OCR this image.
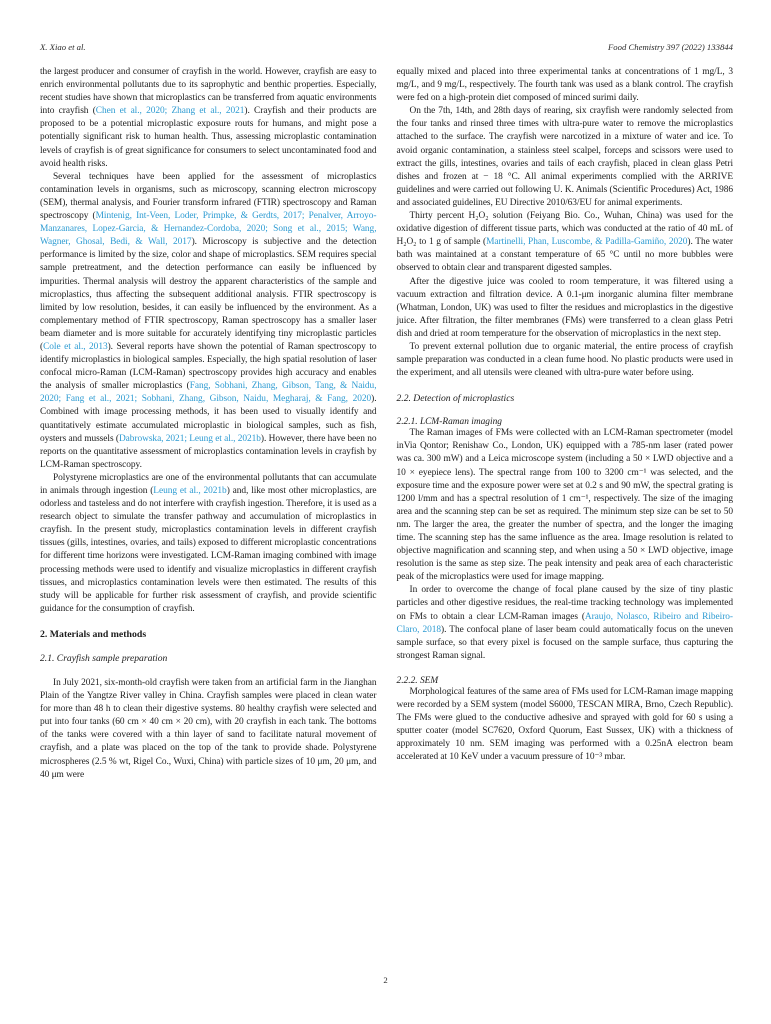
X. Xiao et al.	Food Chemistry 397 (2022) 133844

the largest producer and consumer of crayfish in the world. However, crayfish are easy to enrich environmental pollutants due to its saprophytic and benthic properties. Especially, recent studies have shown that microplastics can be transferred from aquatic environments into crayfish (Chen et al., 2020; Zhang et al., 2021). Crayfish and their products are proposed to be a potential microplastic exposure routs for humans, and might pose a potentially significant risk to human health. Thus, assessing microplastic contamination levels of crayfish is of great significance for consumers to select uncontaminated food and avoid health risks.

Several techniques have been applied for the assessment of microplastics contamination levels in organisms, such as microscopy, scanning electron microscopy (SEM), thermal analysis, and Fourier transform infrared (FTIR) spectroscopy and Raman spectroscopy (Mintenig, Int-Veen, Loder, Primpke, & Gerdts, 2017; Penalver, Arroyo-Manzanares, Lopez-Garcia, & Hernandez-Cordoba, 2020; Song et al., 2015; Wang, Wagner, Ghosal, Bedi, & Wall, 2017). Microscopy is subjective and the detection performance is limited by the size, color and shape of microplastics. SEM requires special sample pretreatment, and the detection performance can easily be influenced by impurities. Thermal analysis will destroy the apparent characteristics of the sample and microplastics, thus affecting the subsequent additional analysis. FTIR spectroscopy is limited by low resolution, besides, it can easily be influenced by the environment. As a complementary method of FTIR spectroscopy, Raman spectroscopy has a smaller laser beam diameter and is more suitable for accurately identifying tiny microplastic particles (Cole et al., 2013). Several reports have shown the potential of Raman spectroscopy to identify microplastics in biological samples. Especially, the high spatial resolution of laser confocal micro-Raman (LCM-Raman) spectroscopy provides high accuracy and enables the analysis of smaller microplastics (Fang, Sobhani, Zhang, Gibson, Tang, & Naidu, 2020; Fang et al., 2021; Sobhani, Zhang, Gibson, Naidu, Megharaj, & Fang, 2020). Combined with image processing methods, it has been used to visually identify and quantitatively estimate accumulated microplastic in biological samples, such as fish, oysters and mussels (Dabrowska, 2021; Leung et al., 2021b). However, there have been no reports on the quantitative assessment of microplastics contamination levels in crayfish by LCM-Raman spectroscopy.

Polystyrene microplastics are one of the environmental pollutants that can accumulate in animals through ingestion (Leung et al., 2021b) and, like most other microplastics, are odorless and tasteless and do not interfere with crayfish ingestion. Therefore, it is used as a research object to simulate the transfer pathway and accumulation of microplastics in crayfish. In the present study, microplastics contamination levels in different crayfish tissues (gills, intestines, ovaries, and tails) exposed to different microplastic concentrations for different time horizons were investigated. LCM-Raman imaging combined with image processing methods were used to identify and visualize microplastics in different crayfish tissues, and microplastics contamination levels were then estimated. The results of this study will be applicable for further risk assessment of crayfish, and provide scientific guidance for the consumption of crayfish.

2. Materials and methods
2.1. Crayfish sample preparation

In July 2021, six-month-old crayfish were taken from an artificial farm in the Jianghan Plain of the Yangtze River valley in China. Crayfish samples were placed in clean water for more than 48 h to clean their digestive systems. 80 healthy crayfish were selected and put into four tanks (60 cm × 40 cm × 20 cm), with 20 crayfish in each tank. The bottoms of the tanks were covered with a thin layer of sand to facilitate natural movement of crayfish, and a plate was placed on the top of the tank to provide shade. Polystyrene microspheres (2.5 % wt, Rigel Co., Wuxi, China) with particle sizes of 10 μm, 20 μm, and 40 μm were

equally mixed and placed into three experimental tanks at concentrations of 1 mg/L, 3 mg/L, and 9 mg/L, respectively. The fourth tank was used as a blank control. The crayfish were fed on a high-protein diet composed of minced surimi daily.

On the 7th, 14th, and 28th days of rearing, six crayfish were randomly selected from the four tanks and rinsed three times with ultra-pure water to remove the microplastics attached to the surface. The crayfish were narcotized in a mixture of water and ice. To avoid organic contamination, a stainless steel scalpel, forceps and scissors were used to extract the gills, intestines, ovaries and tails of each crayfish, placed in clean glass Petri dishes and frozen at − 18 °C. All animal experiments complied with the ARRIVE guidelines and were carried out following U. K. Animals (Scientific Procedures) Act, 1986 and associated guidelines, EU Directive 2010/63/EU for animal experiments.

Thirty percent H₂O₂ solution (Feiyang Bio. Co., Wuhan, China) was used for the oxidative digestion of different tissue parts, which was conducted at the ratio of 40 mL of H₂O₂ to 1 g of sample (Martinelli, Phan, Luscombe, & Padilla-Gamiño, 2020). The water bath was maintained at a constant temperature of 65 °C until no more bubbles were observed to obtain clear and transparent digested samples.

After the digestive juice was cooled to room temperature, it was filtered using a vacuum extraction and filtration device. A 0.1-μm inorganic alumina filter membrane (Whatman, London, UK) was used to filter the residues and microplastics in the digestive juice. After filtration, the filter membranes (FMs) were transferred to a clean glass Petri dish and dried at room temperature for the observation of microplastics in the next step.

To prevent external pollution due to organic material, the entire process of crayfish sample preparation was conducted in a clean fume hood. No plastic products were used in the experiment, and all utensils were cleaned with ultra-pure water before using.

2.2. Detection of microplastics
2.2.1. LCM-Raman imaging

The Raman images of FMs were collected with an LCM-Raman spectrometer (model inVia Qontor; Renishaw Co., London, UK) equipped with a 785-nm laser (rated power was ca. 300 mW) and a Leica microscope system (including a 50 × LWD objective and a 10 × eyepiece lens). The spectral range from 100 to 3200 cm⁻¹ was selected, and the exposure time and the exposure power were set at 0.2 s and 90 mW, the spectral grating is 1200 l/mm and has a spectral resolution of 1 cm⁻¹, respectively. The size of the imaging area and the scanning step can be set as required. The minimum step size can be set to 50 nm. The larger the area, the greater the number of spectra, and the longer the imaging time. The scanning step has the same influence as the area. Image resolution is related to objective magnification and scanning step, and when using a 50 × LWD objective, image resolution is the same as step size. The peak intensity and peak area of each characteristic peak of the microplastics were used for image mapping.

In order to overcome the change of focal plane caused by the size of tiny plastic particles and other digestive residues, the real-time tracking technology was implemented on FMs to obtain a clear LCM-Raman images (Araujo, Nolasco, Ribeiro and Ribeiro-Claro, 2018). The confocal plane of laser beam could automatically focus on the uneven sample surface, so that every pixel is focused on the sample surface, thus capturing the strongest Raman signal.

2.2.2. SEM

Morphological features of the same area of FMs used for LCM-Raman image mapping were recorded by a SEM system (model S6000, TESCAN MIRA, Brno, Czech Republic). The FMs were glued to the conductive adhesive and sprayed with gold for 60 s using a sputter coater (model SC7620, Oxford Quorum, East Sussex, UK) with a thickness of approximately 10 nm. SEM imaging was performed with a 0.25nA electron beam accelerated at 10 KeV under a vacuum pressure of 10⁻³ mbar.

2
